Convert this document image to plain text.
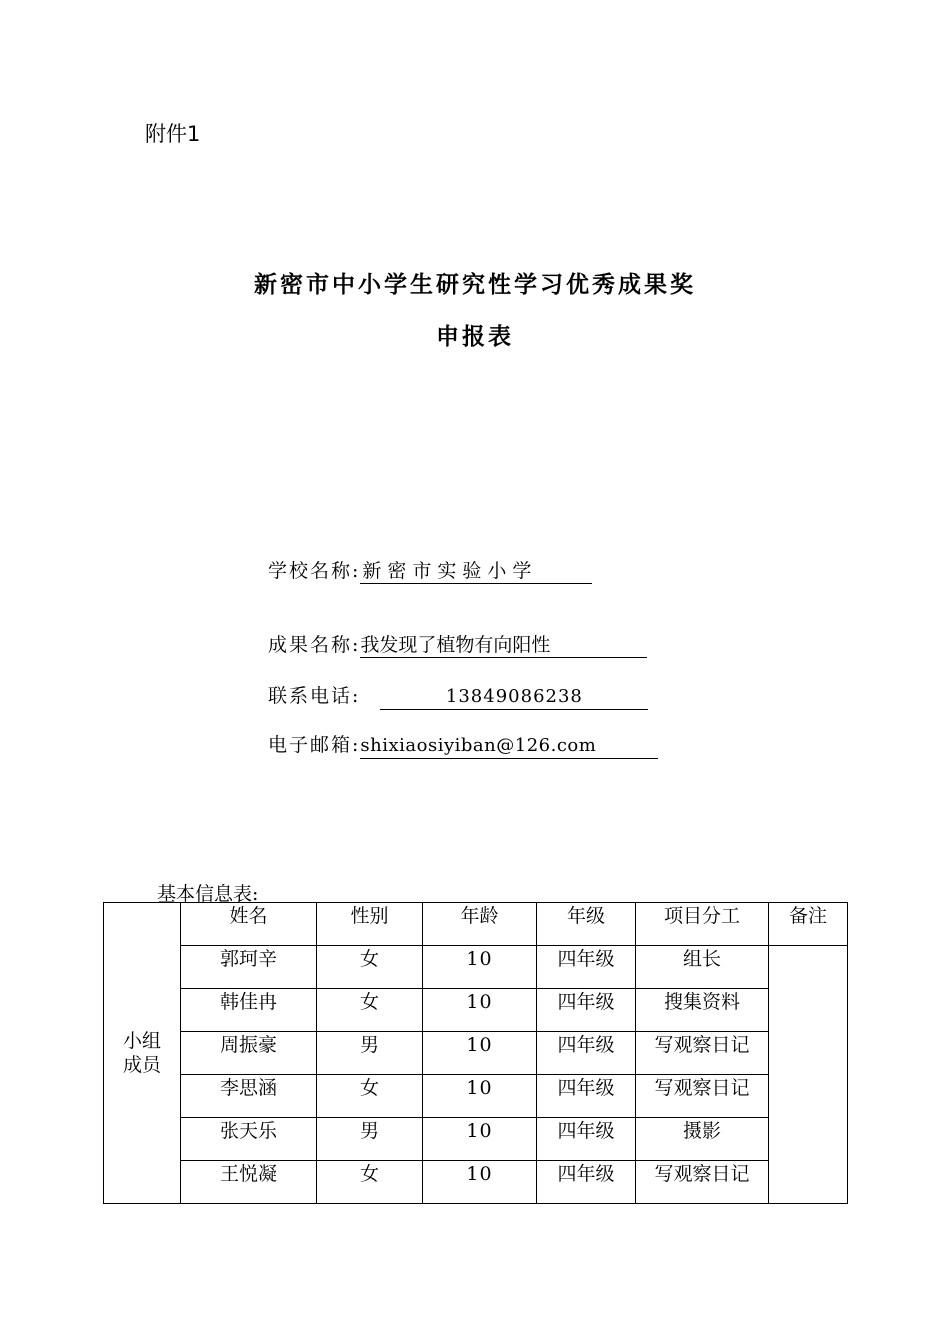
附件1
新密市中小学生研究性学习优秀成果奖
申报表
学校名称: 新密市实验小学
成果名称: 我发现了植物有向阳性
联系电话:	13849086238
电子邮箱: shixiaosiyiban@126.com
基本信息表:
小组
成员	姓名	性别	年龄	年级	项目分工	备注
	郭珂辛	女	10	四年级	组长	
	韩佳冉	女	10	四年级	搜集资料	
	周振豪	男	10	四年级	写观察日记	
	李思涵	女	10	四年级	写观察日记	
	张天乐	男	10	四年级	摄影	
	王悦凝	女	10	四年级	写观察日记	
